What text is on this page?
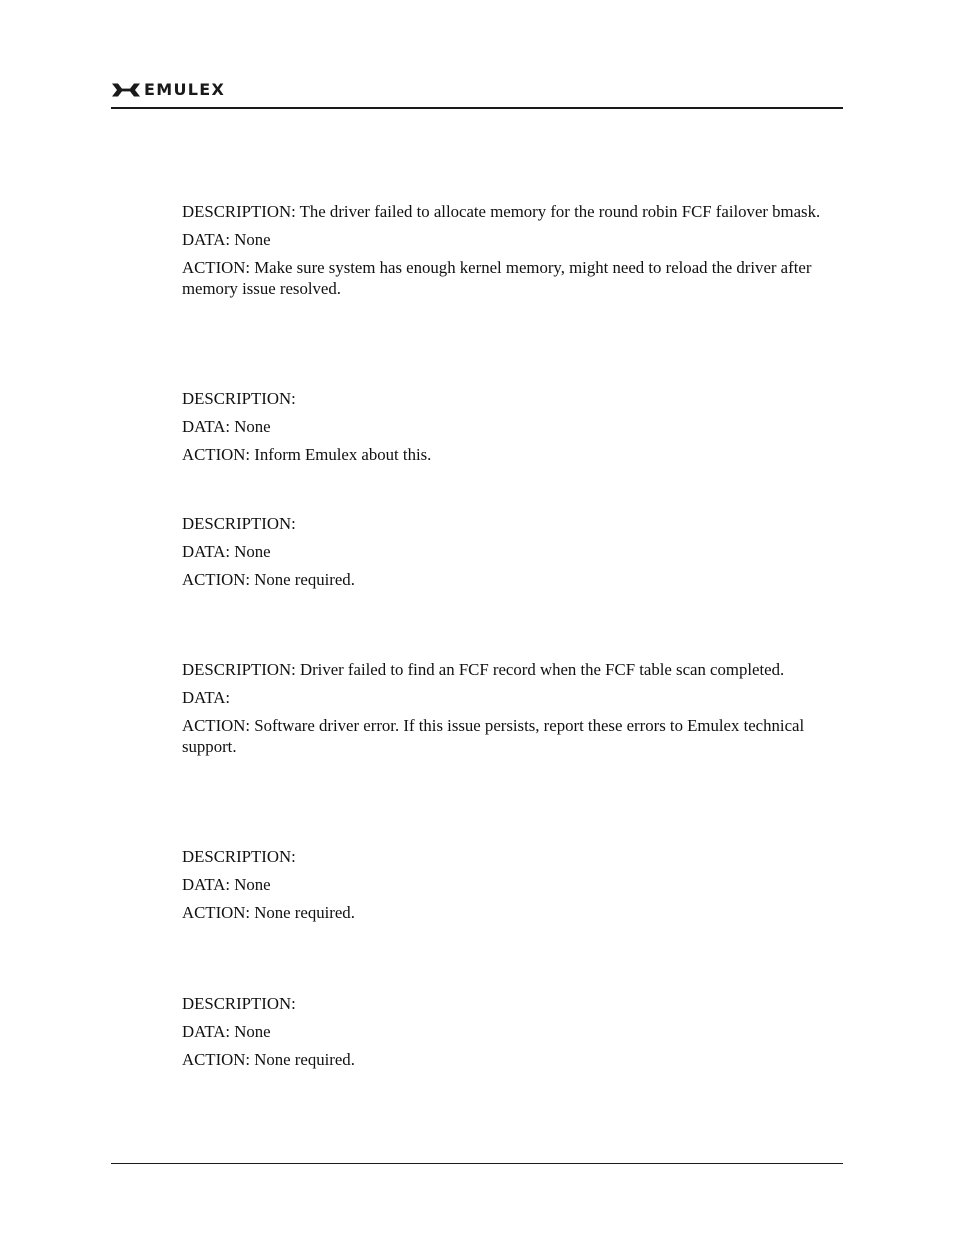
EMULEX

DESCRIPTION: The driver failed to allocate memory for the round robin FCF failover bmask.

DATA: None

ACTION: Make sure system has enough kernel memory, might need to reload the driver after memory issue resolved.

DESCRIPTION:

DATA: None

ACTION: Inform Emulex about this.

DESCRIPTION:

DATA: None

ACTION: None required.

DESCRIPTION: Driver failed to find an FCF record when the FCF table scan completed.

DATA:

ACTION: Software driver error. If this issue persists, report these errors to Emulex technical support.

DESCRIPTION:

DATA: None

ACTION: None required.

DESCRIPTION:

DATA: None

ACTION: None required.
